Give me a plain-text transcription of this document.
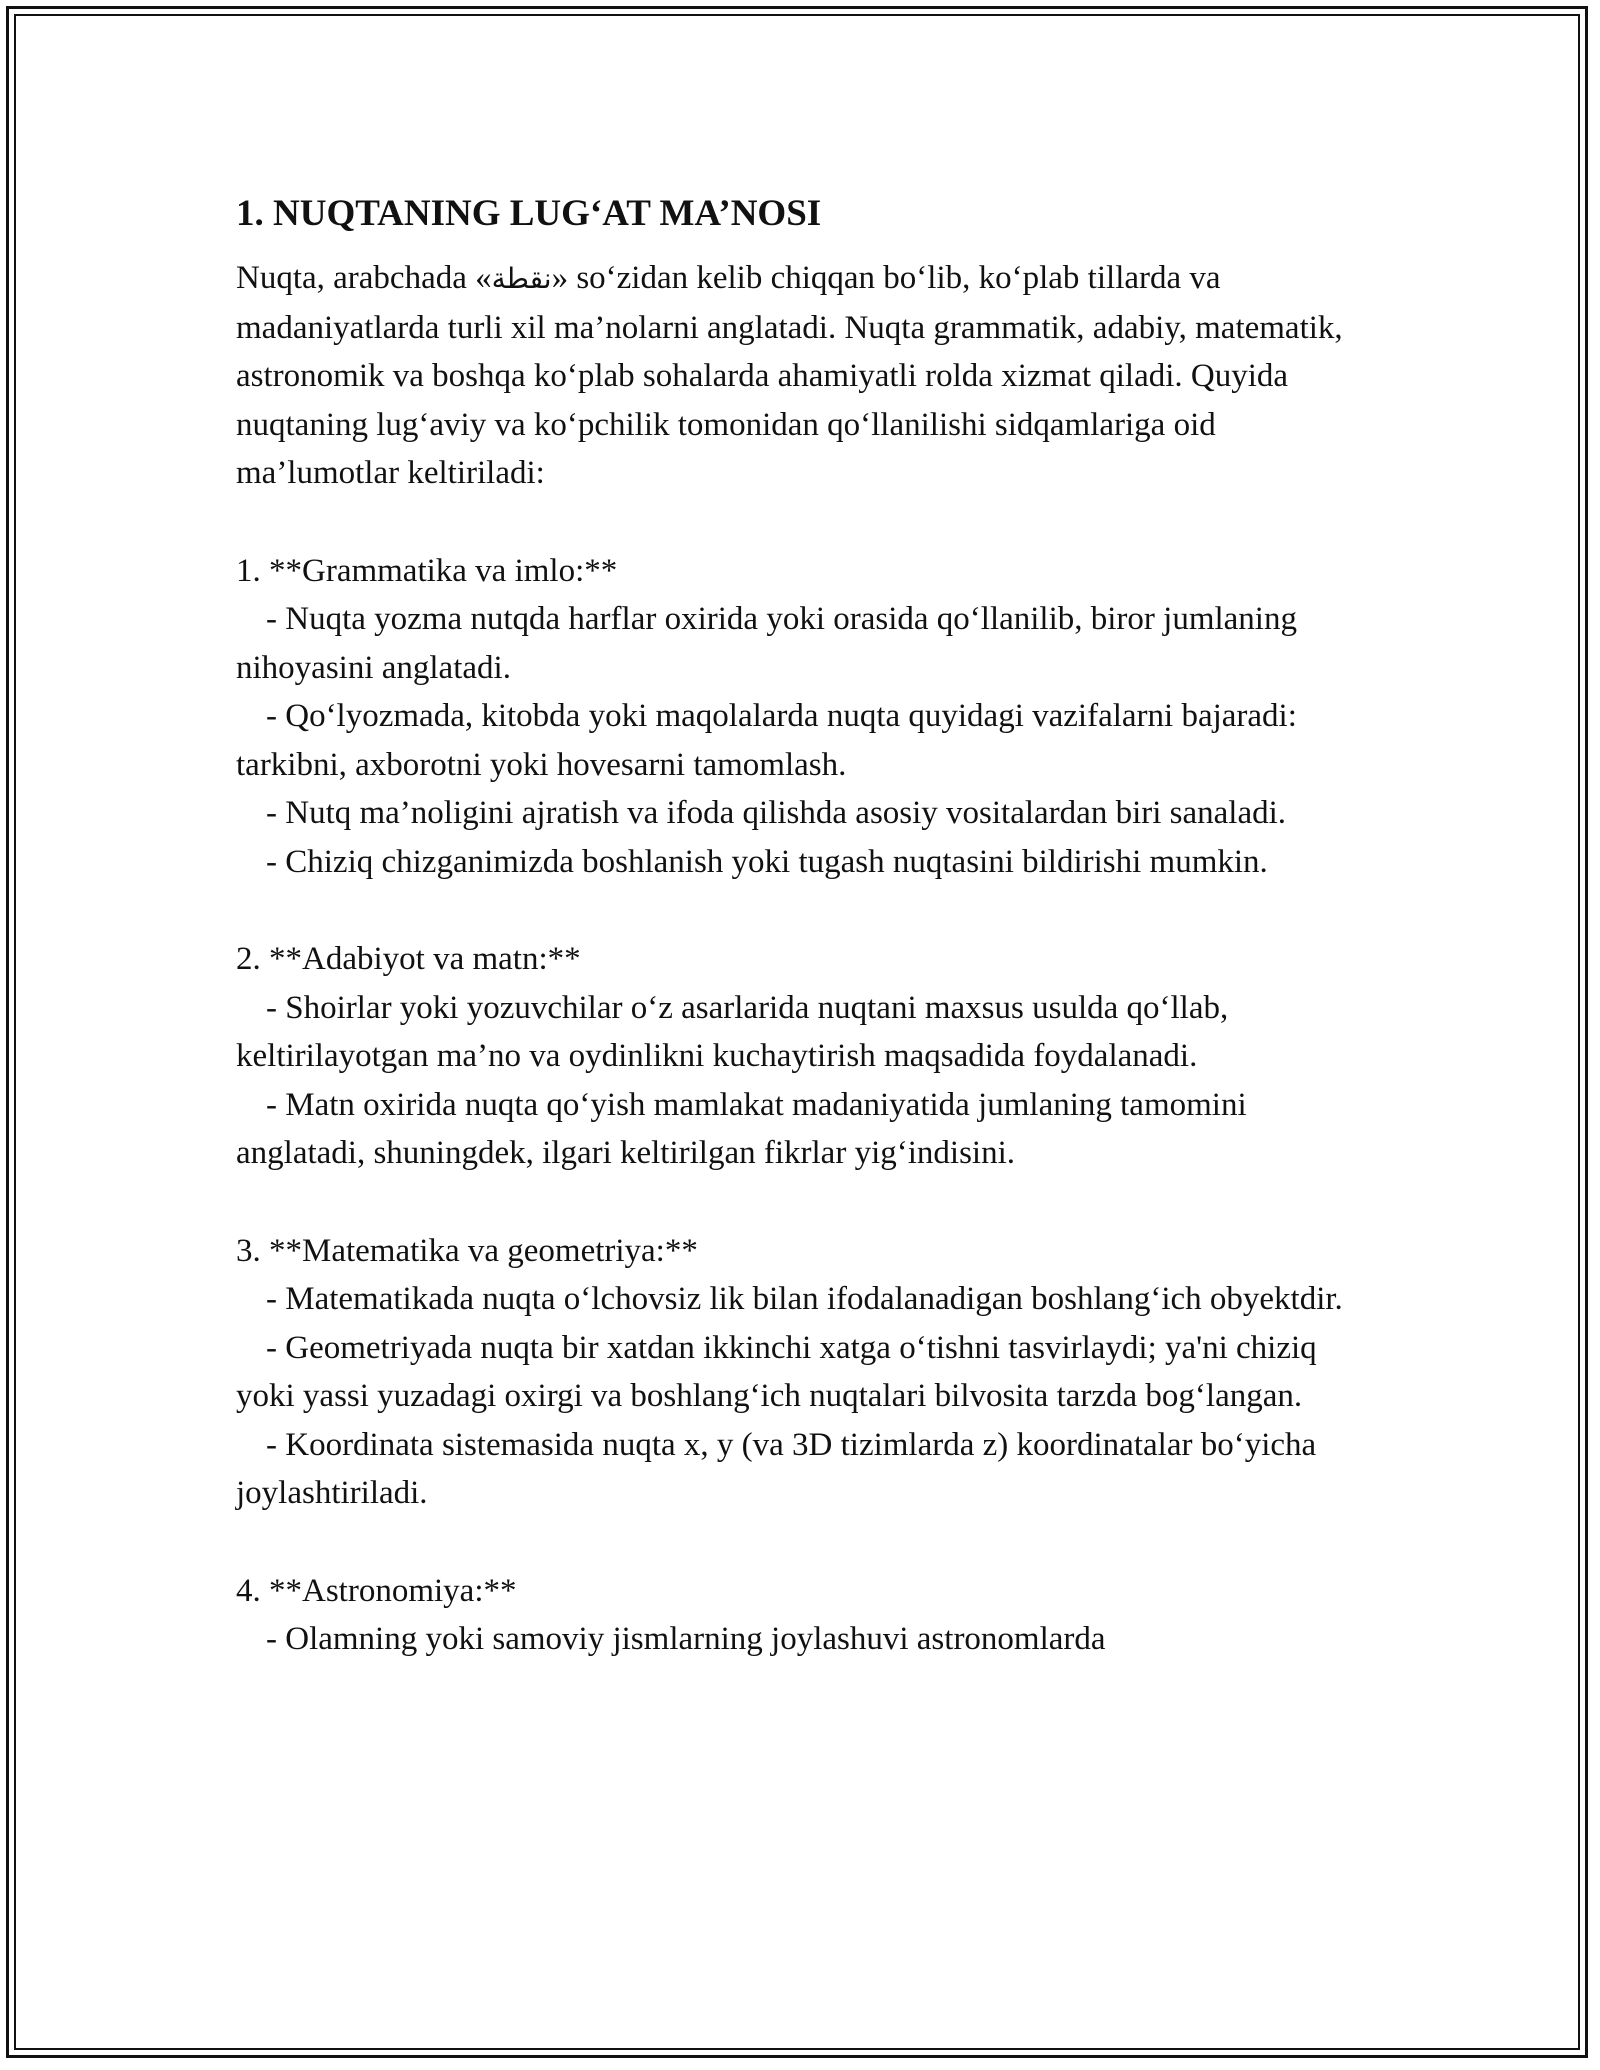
1. NUQTANING LUG‘AT MA’NOSI

Nuqta, arabchada «نقطة» so‘zidan kelib chiqqan bo‘lib, ko‘plab tillarda va madaniyatlarda turli xil ma’nolarni anglatadi. Nuqta grammatik, adabiy, matematik, astronomik va boshqa ko‘plab sohalarda ahamiyatli rolda xizmat qiladi. Quyida nuqtaning lug‘aviy va ko‘pchilik tomonidan qo‘llanilishi sidqamlariga oid ma’lumotlar keltiriladi:

1. **Grammatika va imlo:**

- Nuqta yozma nutqda harflar oxirida yoki orasida qo‘llanilib, biror jumlaning nihoyasini anglatadi.

- Qo‘lyozmada, kitobda yoki maqolalarda nuqta quyidagi vazifalarni bajaradi: tarkibni, axborotni yoki hovesarni tamomlash.

- Nutq ma’noligini ajratish va ifoda qilishda asosiy vositalardan biri sanaladi.

- Chiziq chizganimizda boshlanish yoki tugash nuqtasini bildirishi mumkin.

2. **Adabiyot va matn:**

- Shoirlar yoki yozuvchilar o‘z asarlarida nuqtani maxsus usulda qo‘llab, keltirilayotgan ma’no va oydinlikni kuchaytirish maqsadida foydalanadi.

- Matn oxirida nuqta qo‘yish mamlakat madaniyatida jumlaning tamomini anglatadi, shuningdek, ilgari keltirilgan fikrlar yig‘indisini.

3. **Matematika va geometriya:**

- Matematikada nuqta o‘lchovsiz lik bilan ifodalanadigan boshlang‘ich obyektdir.

- Geometriyada nuqta bir xatdan ikkinchi xatga o‘tishni tasvirlaydi; ya'ni chiziq yoki yassi yuzadagi oxirgi va boshlang‘ich nuqtalari bilvosita tarzda bog‘langan.

- Koordinata sistemasida nuqta x, y (va 3D tizimlarda z) koordinatalar bo‘yicha joylashtiriladi.

4. **Astronomiya:**

- Olamning yoki samoviy jismlarning joylashuvi astronomlarda
